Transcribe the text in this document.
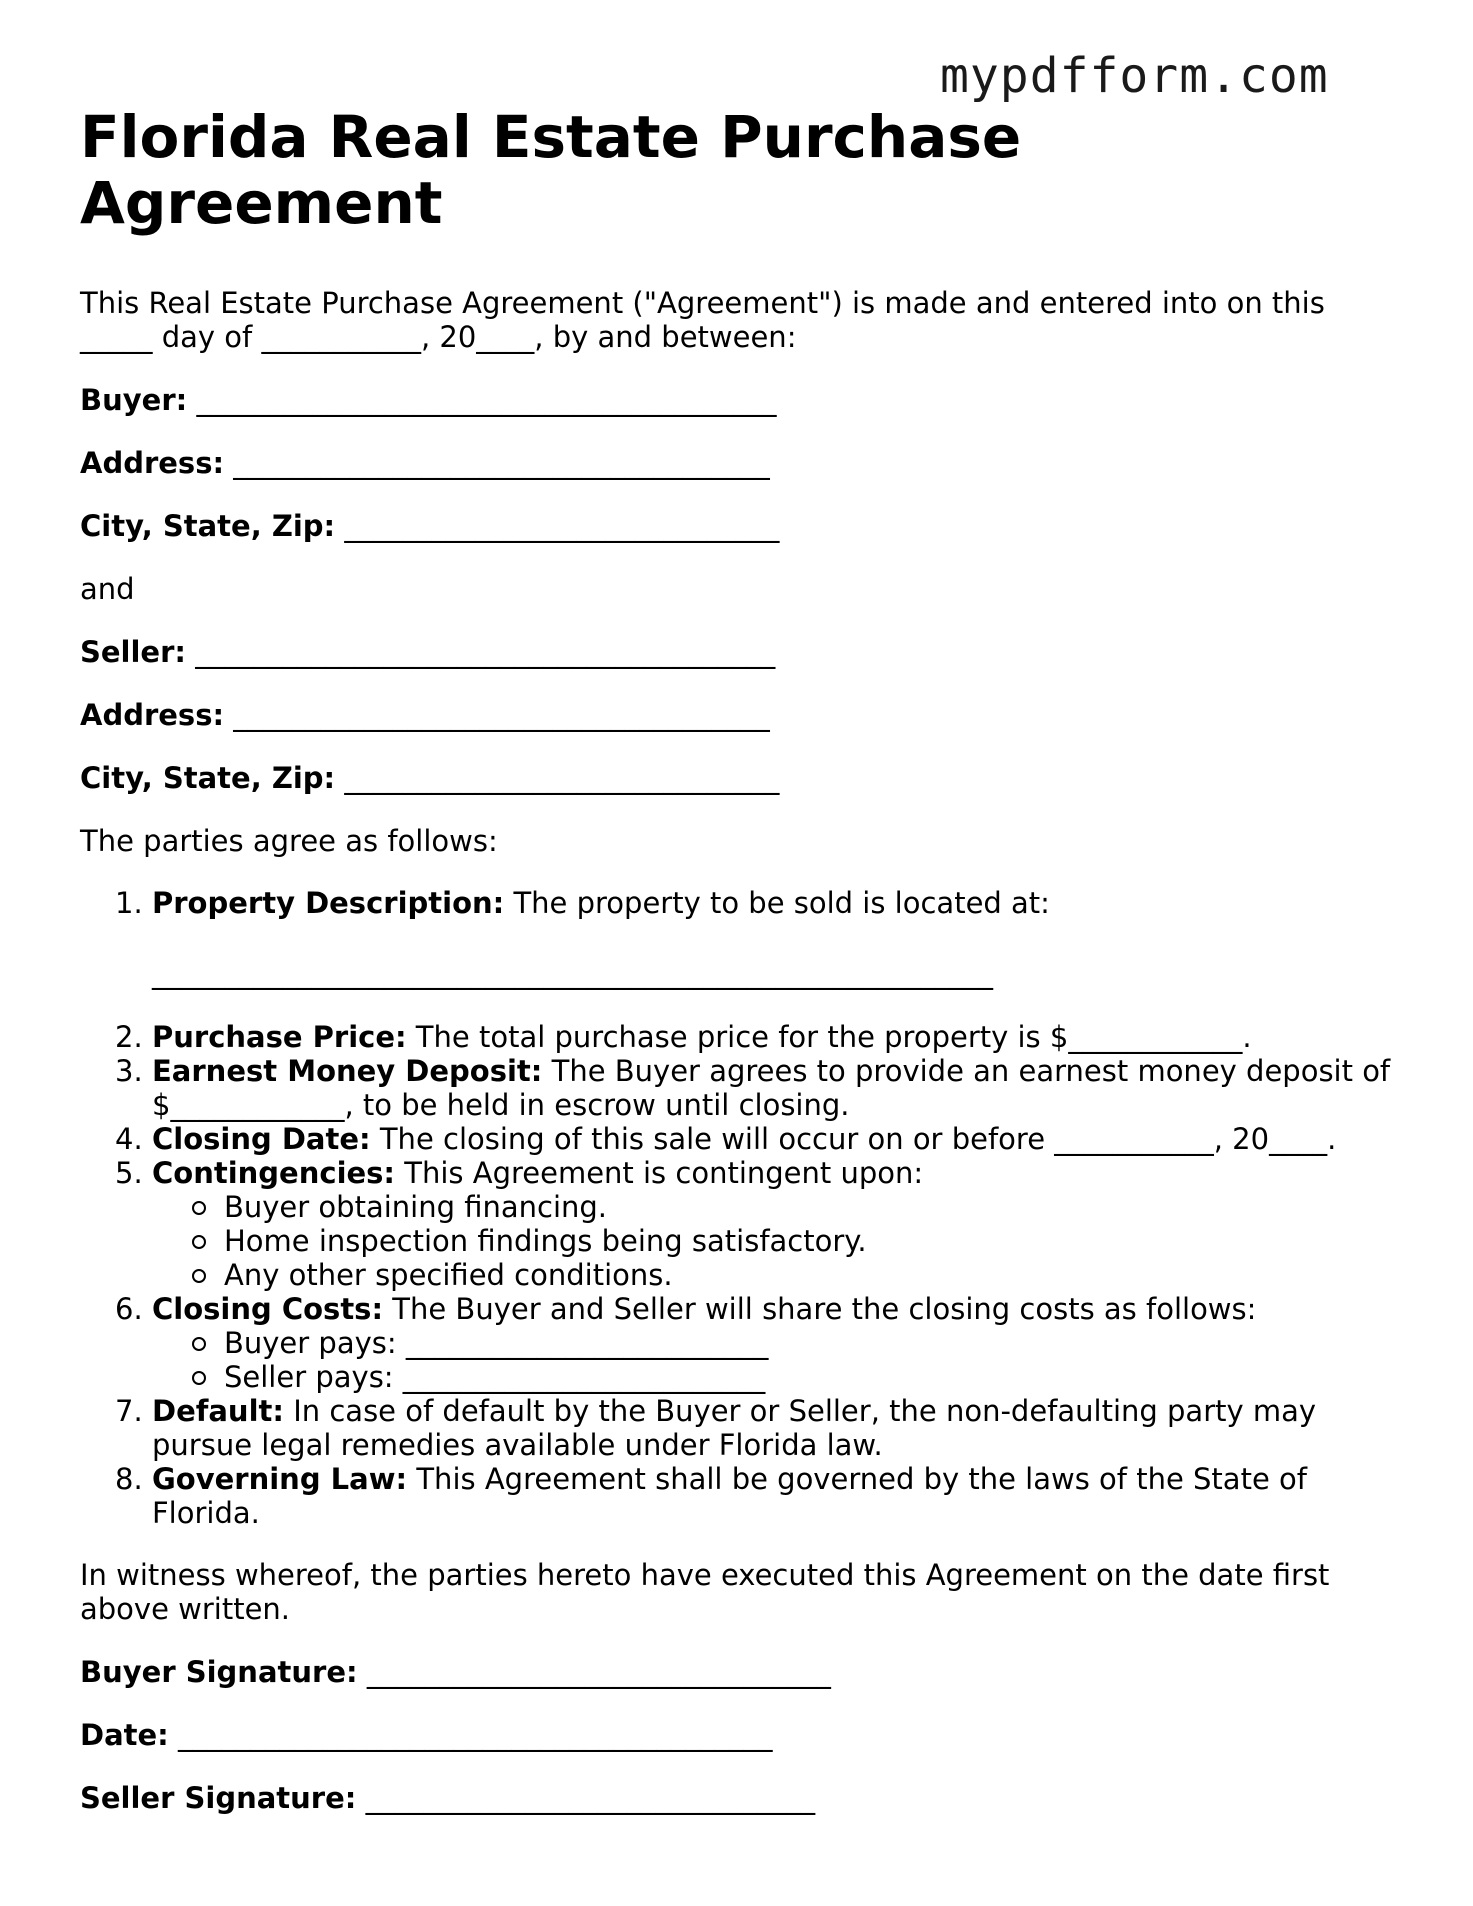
mypdfform.com
Florida Real Estate Purchase Agreement

This Real Estate Purchase Agreement ("Agreement") is made and entered into on this _____ day of ___________, 20____, by and between:

Buyer: ________________________________________

Address: _____________________________________

City, State, Zip: ______________________________

and

Seller: ________________________________________

Address: _____________________________________

City, State, Zip: ______________________________

The parties agree as follows:

1. Property Description: The property to be sold is located at:
__________________________________________________________
2. Purchase Price: The total purchase price for the property is $____________.
3. Earnest Money Deposit: The Buyer agrees to provide an earnest money deposit of $____________, to be held in escrow until closing.
4. Closing Date: The closing of this sale will occur on or before ___________, 20____.
5. Contingencies: This Agreement is contingent upon:
Buyer obtaining financing.
Home inspection findings being satisfactory.
Any other specified conditions.
6. Closing Costs: The Buyer and Seller will share the closing costs as follows:
Buyer pays: _________________________
Seller pays: _________________________
7. Default: In case of default by the Buyer or Seller, the non-defaulting party may pursue legal remedies available under Florida law.
8. Governing Law: This Agreement shall be governed by the laws of the State of Florida.

In witness whereof, the parties hereto have executed this Agreement on the date first above written.

Buyer Signature: ________________________________

Date: _________________________________________

Seller Signature: _______________________________
